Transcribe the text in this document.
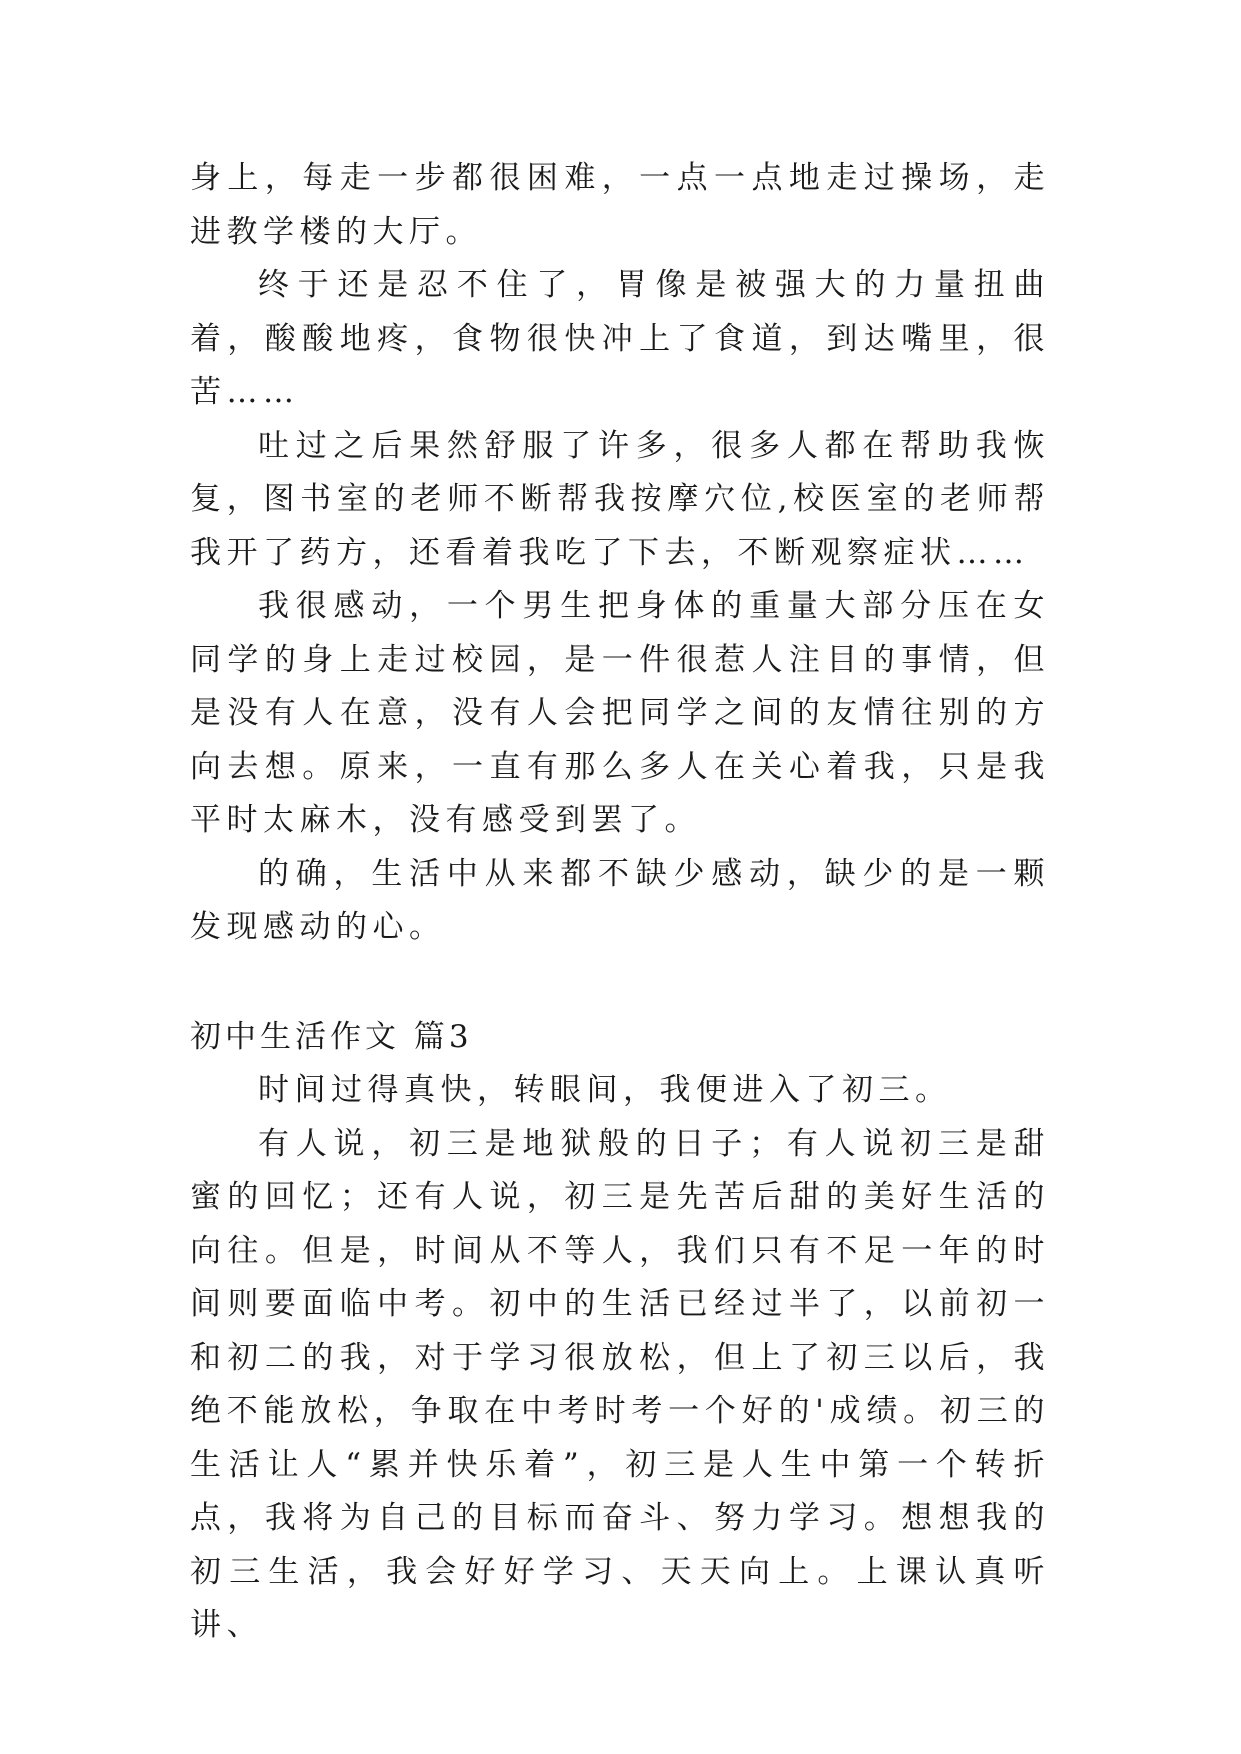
身上，每走一步都很困难，一点一点地走过操场，走进教学楼的大厅。

终于还是忍不住了，胃像是被强大的力量扭曲着，酸酸地疼，食物很快冲上了食道，到达嘴里，很苦……

吐过之后果然舒服了许多，很多人都在帮助我恢复，图书室的老师不断帮我按摩穴位,校医室的老师帮我开了药方，还看着我吃了下去，不断观察症状……

我很感动，一个男生把身体的重量大部分压在女同学的身上走过校园，是一件很惹人注目的事情，但是没有人在意，没有人会把同学之间的友情往别的方向去想。原来，一直有那么多人在关心着我，只是我平时太麻木，没有感受到罢了。

的确，生活中从来都不缺少感动，缺少的是一颗发现感动的心。

初中生活作文 篇3

时间过得真快，转眼间，我便进入了初三。

有人说，初三是地狱般的日子；有人说初三是甜蜜的回忆；还有人说，初三是先苦后甜的美好生活的向往。但是，时间从不等人，我们只有不足一年的时间则要面临中考。初中的生活已经过半了，以前初一和初二的我，对于学习很放松，但上了初三以后，我绝不能放松，争取在中考时考一个好的'成绩。初三的生活让人“累并快乐着”，初三是人生中第一个转折点，我将为自己的目标而奋斗、努力学习。想想我的初三生活，我会好好学习、天天向上。上课认真听讲、
